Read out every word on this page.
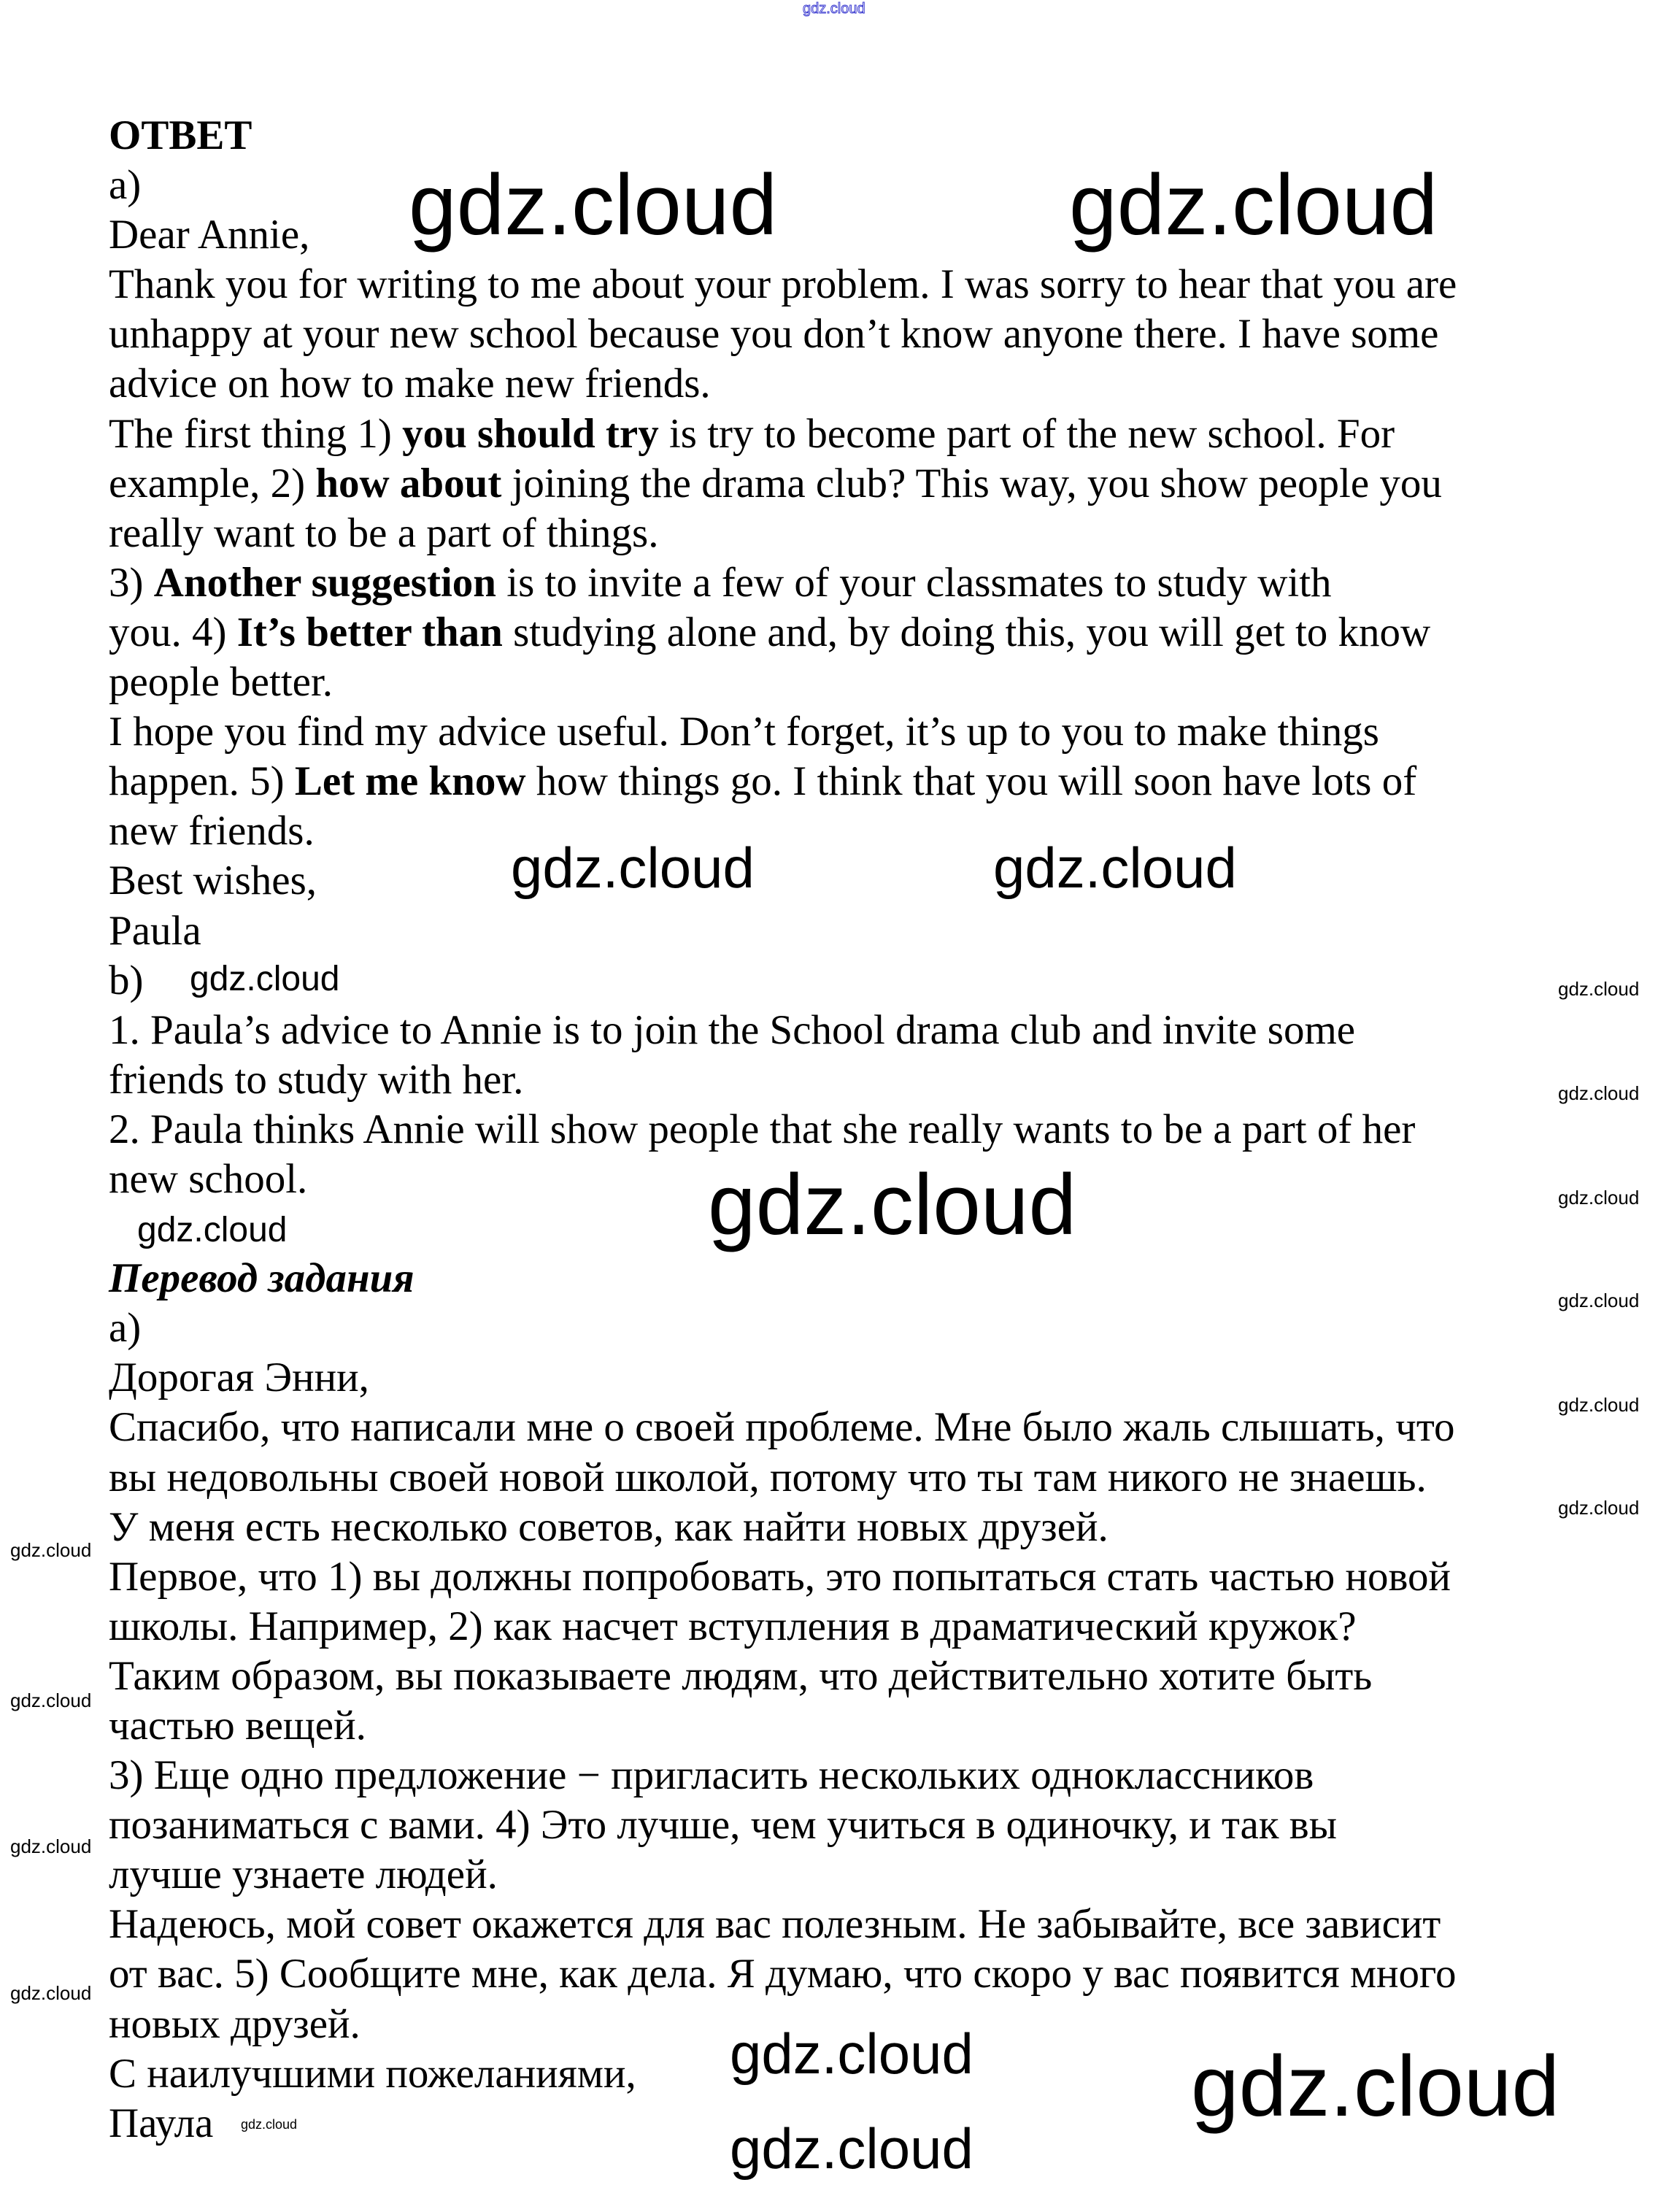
ОТВЕТ
a)
Dear Annie,
Thank you for writing to me about your problem. I was sorry to hear that you are
unhappy at your new school because you don’t know anyone there. I have some
advice on how to make new friends.
The first thing 1) you should try is try to become part of the new school. For
example, 2) how about joining the drama club? This way, you show people you
really want to be a part of things.
3) Another suggestion is to invite a few of your classmates to study with
you. 4) It’s better than studying alone and, by doing this, you will get to know
people better.
I hope you find my advice useful. Don’t forget, it’s up to you to make things
happen. 5) Let me know how things go. I think that you will soon have lots of
new friends.
Best wishes,
Paula
b)
1. Paula’s advice to Annie is to join the School drama club and invite some
friends to study with her.
2. Paula thinks Annie will show people that she really wants to be a part of her
new school.
Перевод задания
a)
Дорогая Энни,
Спасибо, что написали мне о своей проблеме. Мне было жаль слышать, что
вы недовольны своей новой школой, потому что ты там никого не знаешь.
У меня есть несколько советов, как найти новых друзей.
Первое, что 1) вы должны попробовать, это попытаться стать частью новой
школы. Например, 2) как насчет вступления в драматический кружок?
Таким образом, вы показываете людям, что действительно хотите быть
частью вещей.
3) Еще одно предложение − пригласить нескольких одноклассников
позаниматься с вами. 4) Это лучше, чем учиться в одиночку, и так вы
лучше узнаете людей.
Надеюсь, мой совет окажется для вас полезным. Не забывайте, все зависит
от вас. 5) Сообщите мне, как дела. Я думаю, что скоро у вас появится много
новых друзей.
С наилучшими пожеланиями,
Паула
gdz.cloud
gdz.cloud	gdz.cloud
gdz.cloud	gdz.cloud
gdz.cloud
gdz.cloud
gdz.cloud
gdz.cloud
gdz.cloud
gdz.cloud
gdz.cloud
gdz.cloud
gdz.cloud
gdz.cloud
gdz.cloud
gdz.cloud
gdz.cloud
gdz.cloud
gdz.cloud
gdz.cloud
gdz.cloud
